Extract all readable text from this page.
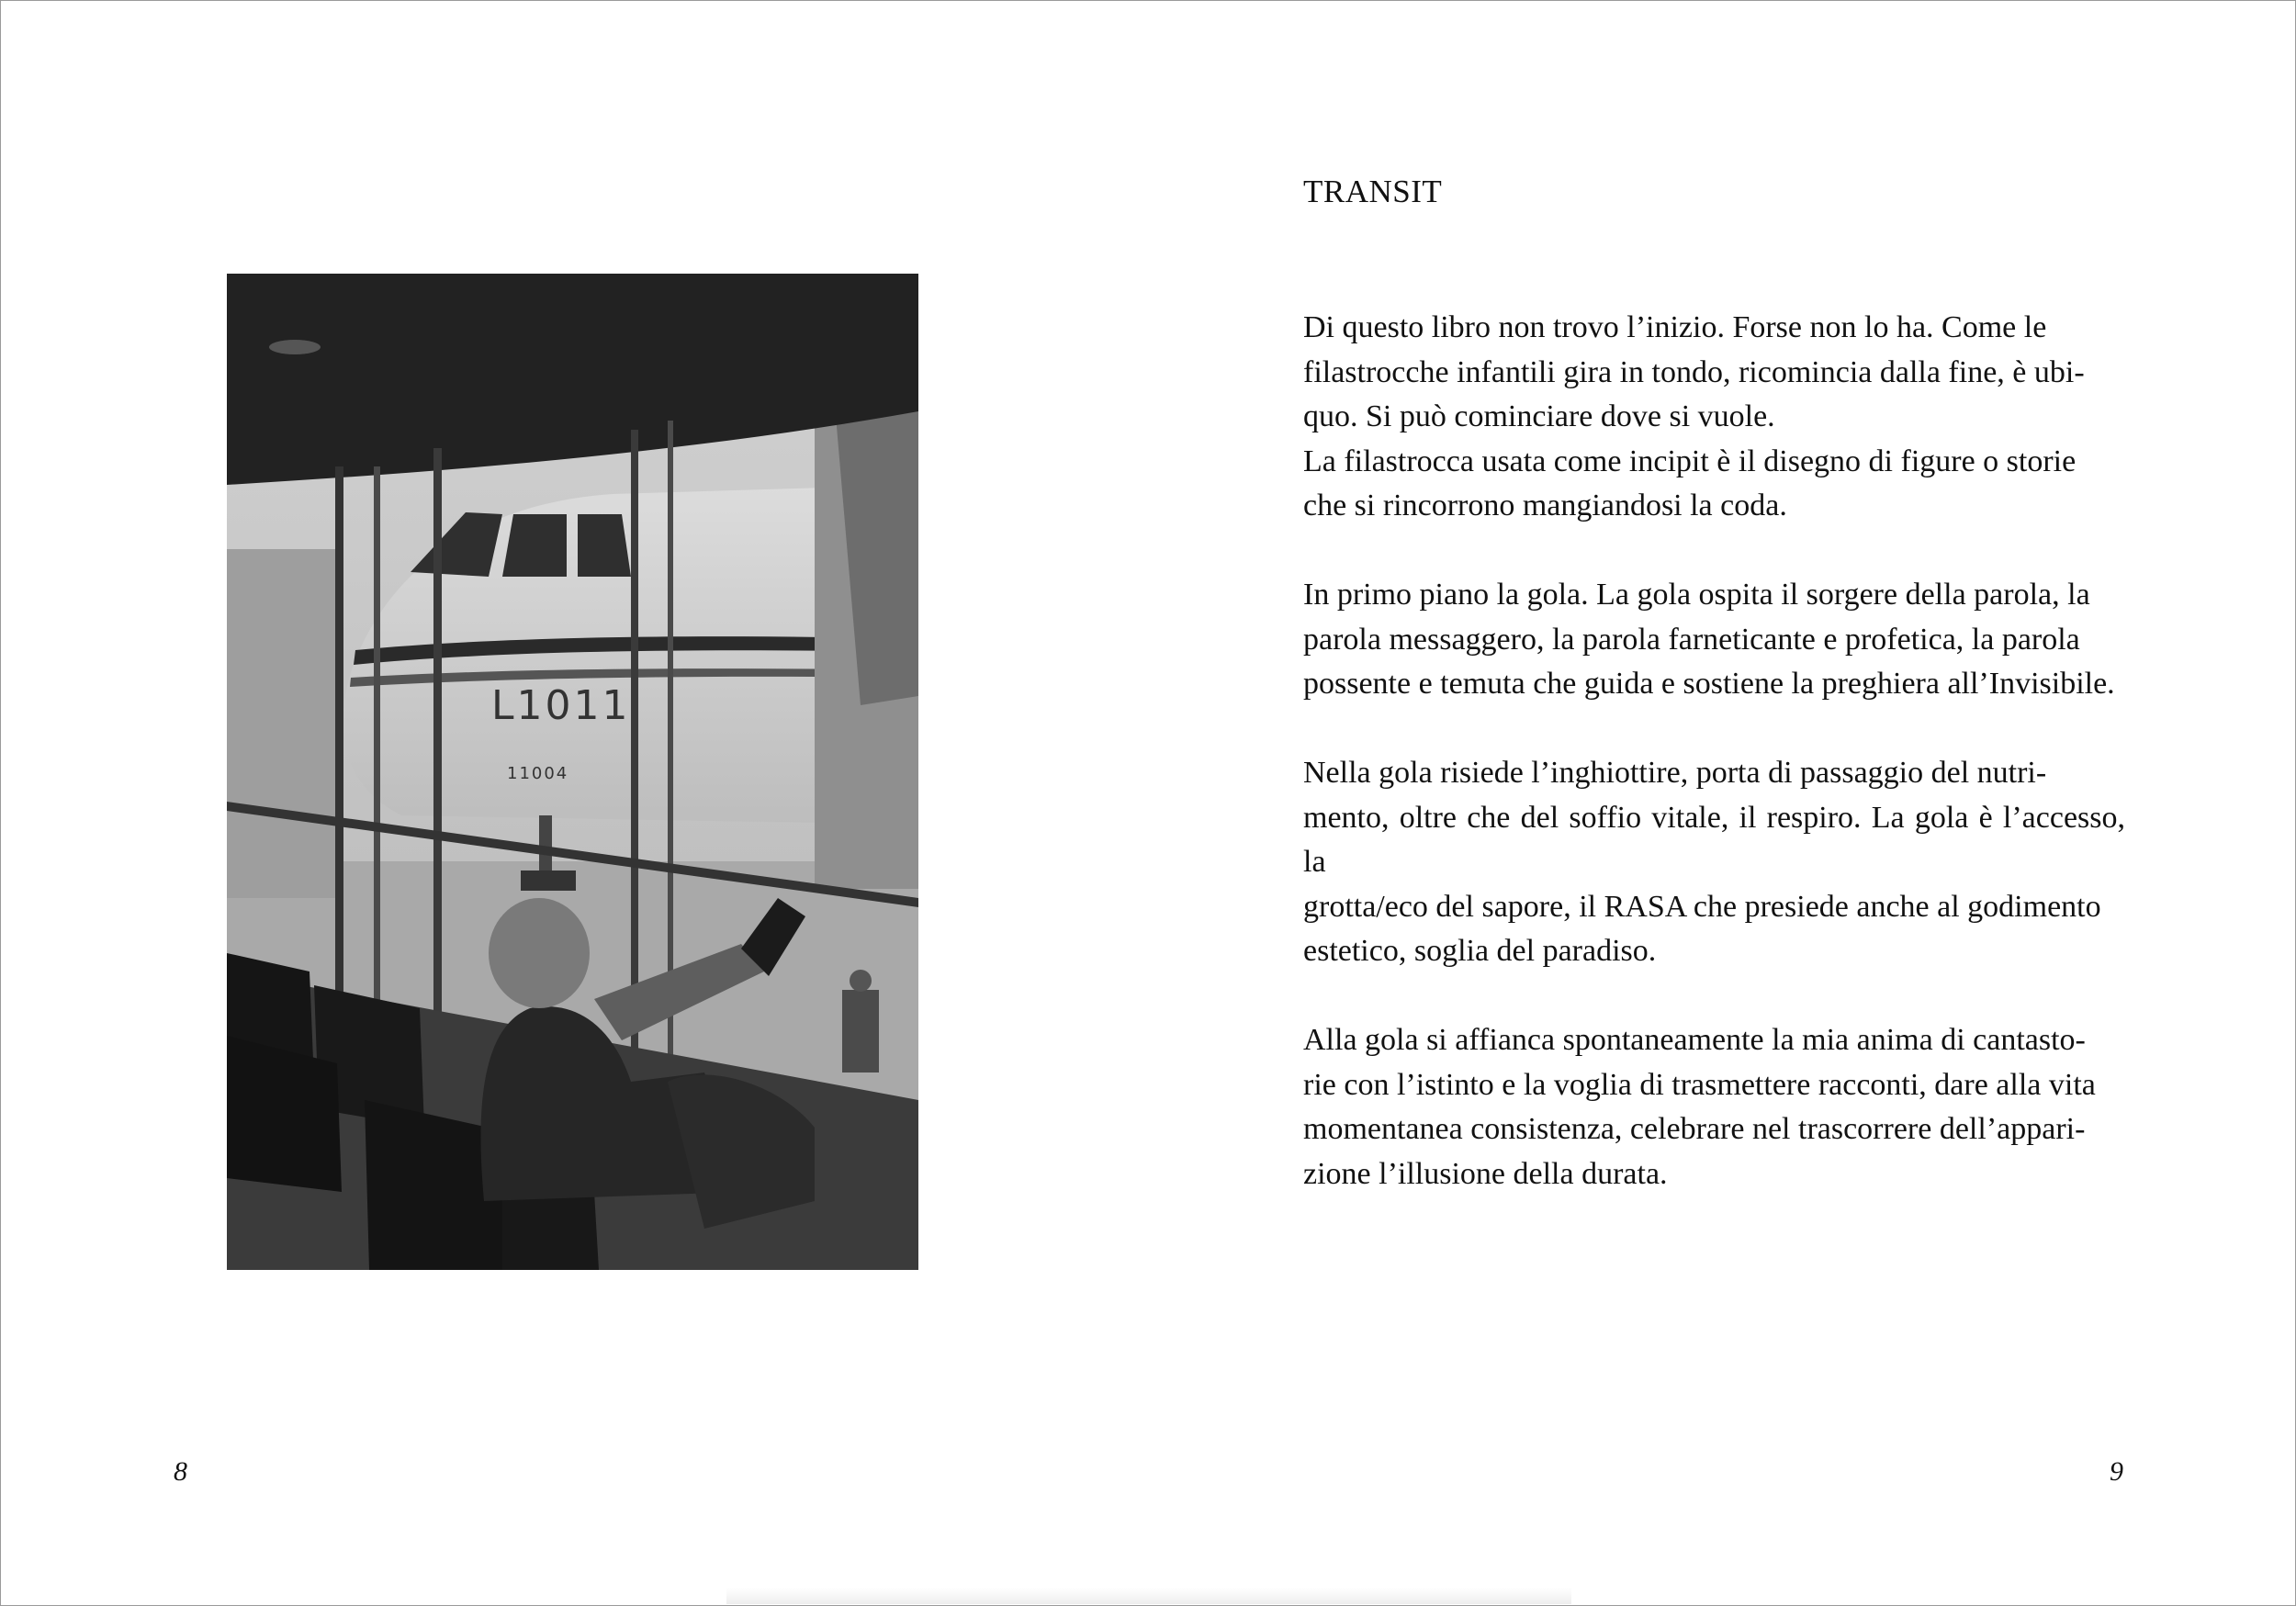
L1011
11004
TRANSIT

Di questo libro non trovo l’inizio. Forse non lo ha. Come le
filastrocche infantili gira in tondo, ricomincia dalla fine, è ubi-
quo. Si può cominciare dove si vuole.
La filastrocca usata come incipit è il disegno di figure o storie
che si rincorrono mangiandosi la coda.

In primo piano la gola. La gola ospita il sorgere della parola, la
parola messaggero, la parola farneticante e profetica, la parola
possente e temuta che guida e sostiene la preghiera all’Invisibile.

Nella gola risiede l’inghiottire, porta di passaggio del nutri-
mento, oltre che del soffio vitale, il respiro. La gola è l’accesso, la
grotta/eco del sapore, il RASA che presiede anche al godimento
estetico, soglia del paradiso.

Alla gola si affianca spontaneamente la mia anima di cantasto-
rie con l’istinto e la voglia di trasmettere racconti, dare alla vita
momentanea consistenza, celebrare nel trascorrere dell’appari-
zione l’illusione della durata.

8	9
